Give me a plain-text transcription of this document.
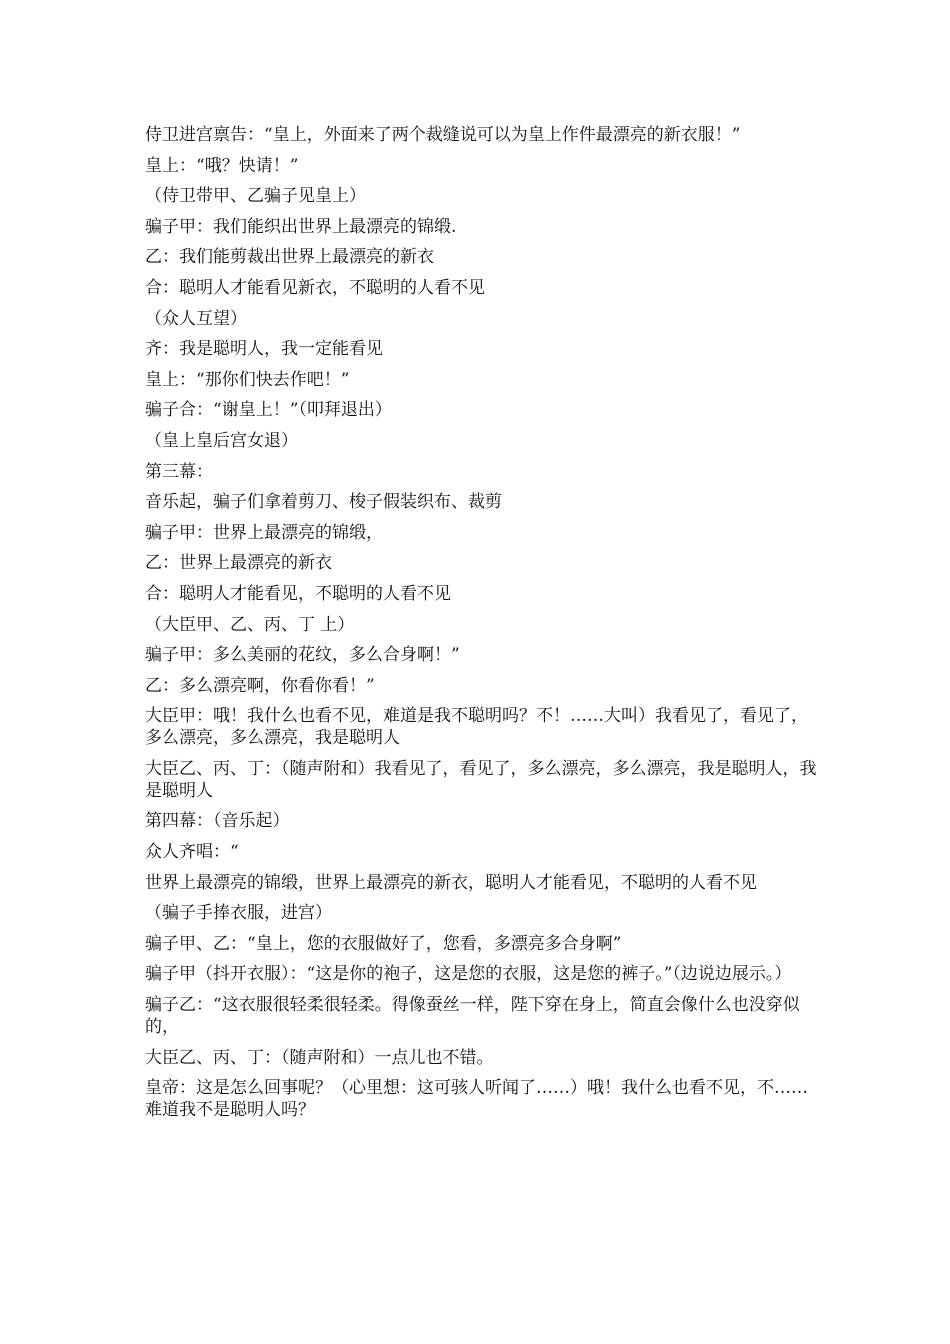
侍卫进宫禀告：“皇上，外面来了两个裁缝说可以为皇上作件最漂亮的新衣服！”
皇上：“哦？快请！”
（侍卫带甲、乙骗子见皇上）
骗子甲：我们能织出世界上最漂亮的锦缎.
乙：我们能剪裁出世界上最漂亮的新衣
合：聪明人才能看见新衣，不聪明的人看不见
（众人互望）
齐：我是聪明人，我一定能看见
皇上：“那你们快去作吧！”
骗子合：“谢皇上！”（叩拜退出）
（皇上皇后宫女退）
第三幕：
音乐起，骗子们拿着剪刀、梭子假装织布、裁剪
骗子甲：世界上最漂亮的锦缎，
乙：世界上最漂亮的新衣
合：聪明人才能看见，不聪明的人看不见
（大臣甲、乙、丙、丁 上）
骗子甲：多么美丽的花纹，多么合身啊！”
乙：多么漂亮啊，你看你看！”
大臣甲：哦！我什么也看不见，难道是我不聪明吗？不！……大叫）我看见了，看见了，多么漂亮，多么漂亮，我是聪明人
大臣乙、丙、丁：（随声附和）我看见了，看见了，多么漂亮，多么漂亮，我是聪明人，我是聪明人
第四幕：（音乐起）
众人齐唱：“
世界上最漂亮的锦缎，世界上最漂亮的新衣，聪明人才能看见，不聪明的人看不见
（骗子手捧衣服，进宫）
骗子甲、乙：“皇上，您的衣服做好了，您看，多漂亮多合身啊”
骗子甲（抖开衣服）：“这是你的袍子，这是您的衣服，这是您的裤子。”（边说边展示。）
骗子乙：“这衣服很轻柔很轻柔。得像蚕丝一样，陛下穿在身上，简直会像什么也没穿似的，
大臣乙、丙、丁：（随声附和）一点儿也不错。
皇帝：这是怎么回事呢？（心里想：这可骇人听闻了……）哦！我什么也看不见，不……难道我不是聪明人吗？
